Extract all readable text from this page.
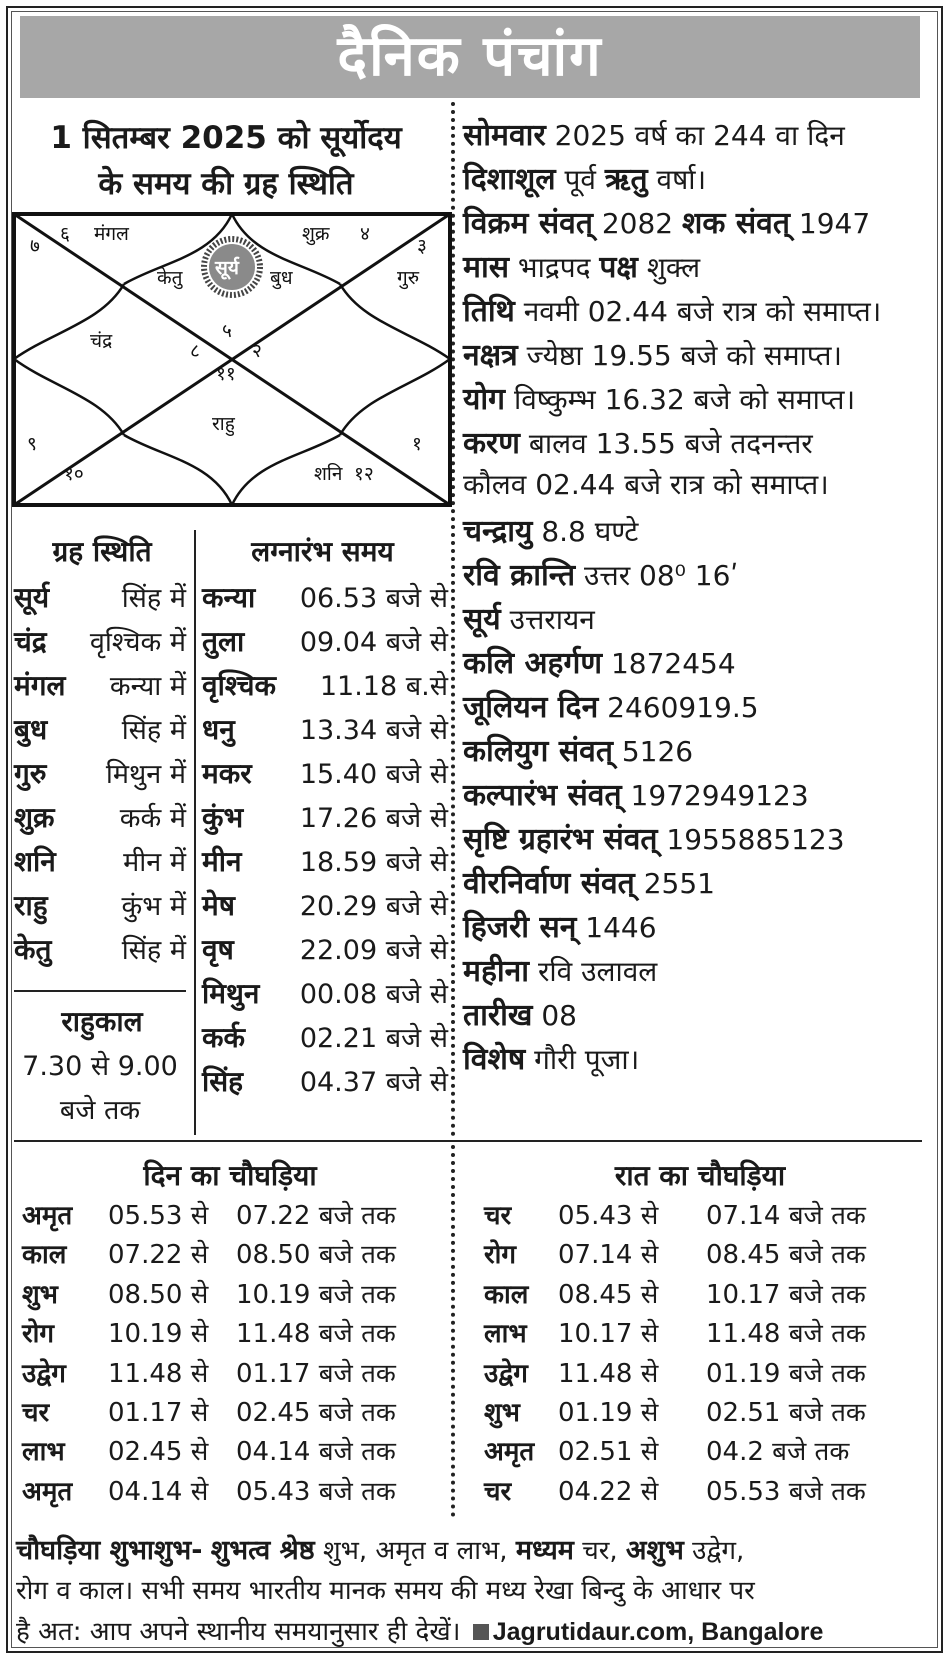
दैनिक पंचांग
1 सितम्बर 2025 को सूर्योदय
के समय की ग्रह स्थिति
७
६ मंगल	शुक्र ४
३
गुरु
केतु सूर्य बुध
५
चंद्र	८	२
११
राहु
९	१
१०	शनि १२
ग्रह स्थिति
सूर्य	सिंह में
चंद्र वृश्चिक में
मंगल कन्या में
बुध	सिंह में
गुरु मिथुन में
शुक्र कर्क में
शनि मीन में
राहु	कुंभ में
केतु	सिंह में
राहुकाल
7.30 से 9.00
बजे तक
लग्नारंभ समय
कन्या 06.53 बजे से
तुला 09.04 बजे से
वृश्चिक 11.18 ब.से
धनु 13.34 बजे से
मकर 15.40 बजे से
कुंभ 17.26 बजे से
मीन 18.59 बजे से
मेष 20.29 बजे से
वृष 22.09 बजे से
मिथुन 00.08 बजे से
कर्क 02.21 बजे से
सिंह 04.37 बजे से
सोमवार 2025 वर्ष का 244 वा दिन
दिशाशूल पूर्व ऋतु वर्षा।
विक्रम संवत् 2082 शक संवत् 1947
मास भाद्रपद पक्ष शुक्ल
तिथि नवमी 02.44 बजे रात्र को समाप्त।
नक्षत्र ज्येष्ठा 19.55 बजे को समाप्त।
योग विष्कुम्भ 16.32 बजे को समाप्त।
करण बालव 13.55 बजे तदनन्तर
कौलव 02.44 बजे रात्र को समाप्त।
चन्द्रायु 8.8 घण्टे
रवि क्रान्ति उत्तर 08⁰ 16ʹ
सूर्य उत्तरायन
कलि अहर्गण 1872454
जूलियन दिन 2460919.5
कलियुग संवत् 5126
कल्पारंभ संवत् 1972949123
सृष्टि ग्रहारंभ संवत् 1955885123
वीरनिर्वाण संवत् 2551
हिजरी सन् 1446
महीना रवि उलावल
तारीख 08
विशेष गौरी पूजा।
दिन का चौघड़िया	रात का चौघड़िया
अमृत 05.53 से 07.22 बजे तक
काल 07.22 से 08.50 बजे तक
शुभ 08.50 से 10.19 बजे तक
रोग 10.19 से 11.48 बजे तक
उद्वेग 11.48 से 01.17 बजे तक
चर 01.17 से 02.45 बजे तक
लाभ 02.45 से 04.14 बजे तक
अमृत 04.14 से 05.43 बजे तक
चर 05.43 से 07.14 बजे तक
रोग 07.14 से 08.45 बजे तक
काल 08.45 से 10.17 बजे तक
लाभ 10.17 से 11.48 बजे तक
उद्वेग 11.48 से 01.19 बजे तक
शुभ 01.19 से 02.51 बजे तक
अमृत 02.51 से 04.2 बजे तक
चर 04.22 से 05.53 बजे तक
चौघड़िया शुभाशुभ- शुभत्व श्रेष्ठ शुभ, अमृत व लाभ, मध्यम चर, अशुभ उद्वेग,
रोग व काल। सभी समय भारतीय मानक समय की मध्य रेखा बिन्दु के आधार पर
है अत: आप अपने स्थानीय समयानुसार ही देखें। Jagrutidaur.com, Bangalore
